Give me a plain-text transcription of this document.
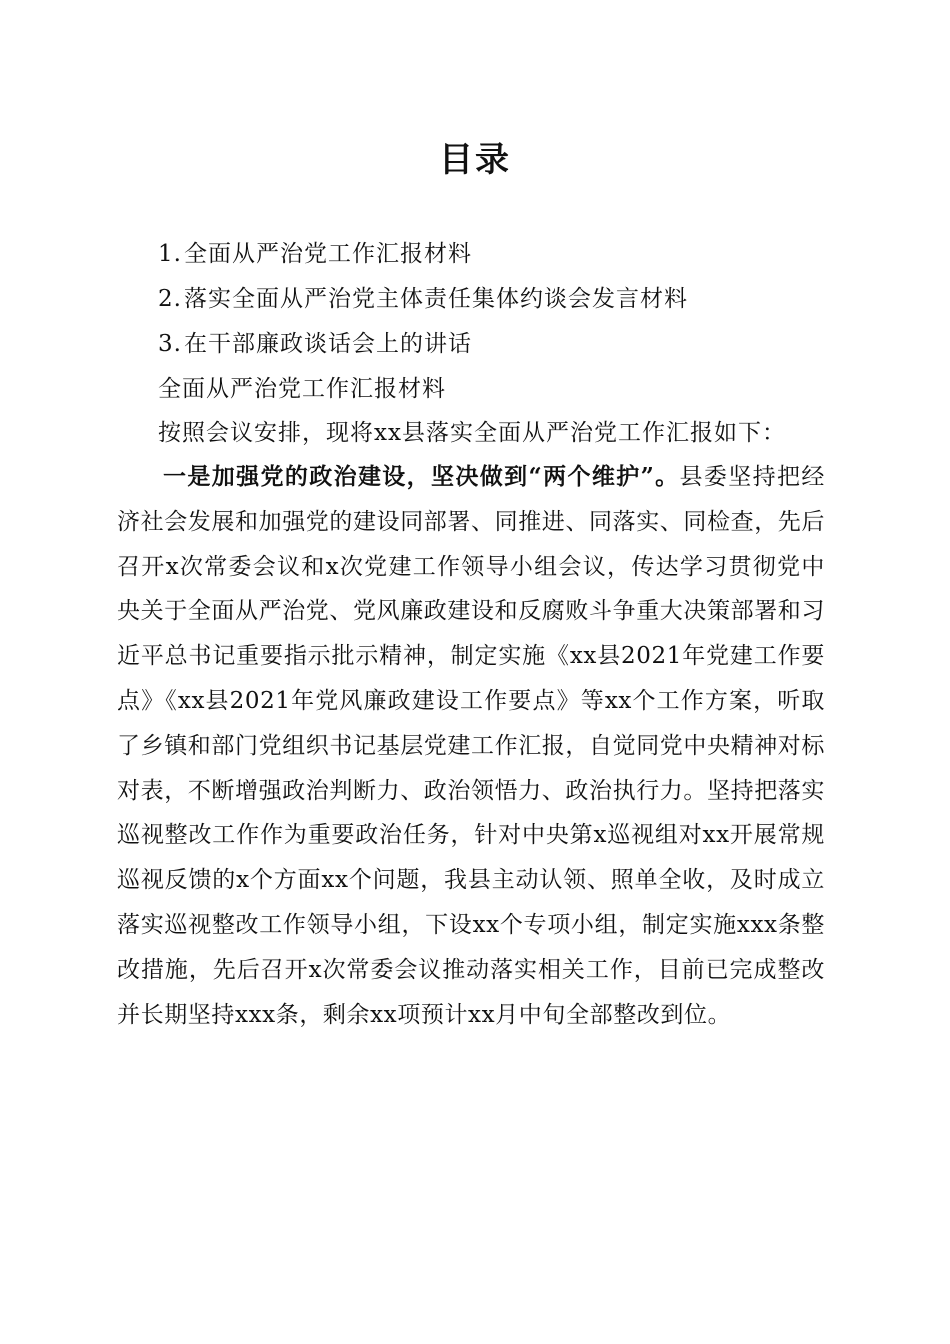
目录
1.全面从严治党工作汇报材料
2.落实全面从严治党主体责任集体约谈会发言材料
3.在干部廉政谈话会上的讲话
全面从严治党工作汇报材料
按照会议安排，现将xx县落实全面从严治党工作汇报如下：

一是加强党的政治建设，坚决做到“两个维护”。县委坚持把经济社会发展和加强党的建设同部署、同推进、同落实、同检查，先后召开x次常委会议和x次党建工作领导小组会议，传达学习贯彻党中央关于全面从严治党、党风廉政建设和反腐败斗争重大决策部署和习近平总书记重要指示批示精神，制定实施《xx县2021年党建工作要点》《xx县2021年党风廉政建设工作要点》等xx个工作方案，听取了乡镇和部门党组织书记基层党建工作汇报，自觉同党中央精神对标对表，不断增强政治判断力、政治领悟力、政治执行力。坚持把落实巡视整改工作作为重要政治任务，针对中央第x巡视组对xx开展常规巡视反馈的x个方面xx个问题，我县主动认领、照单全收，及时成立落实巡视整改工作领导小组，下设xx个专项小组，制定实施xxx条整改措施，先后召开x次常委会议推动落实相关工作，目前已完成整改并长期坚持xxx条，剩余xx项预计xx月中旬全部整改到位。
